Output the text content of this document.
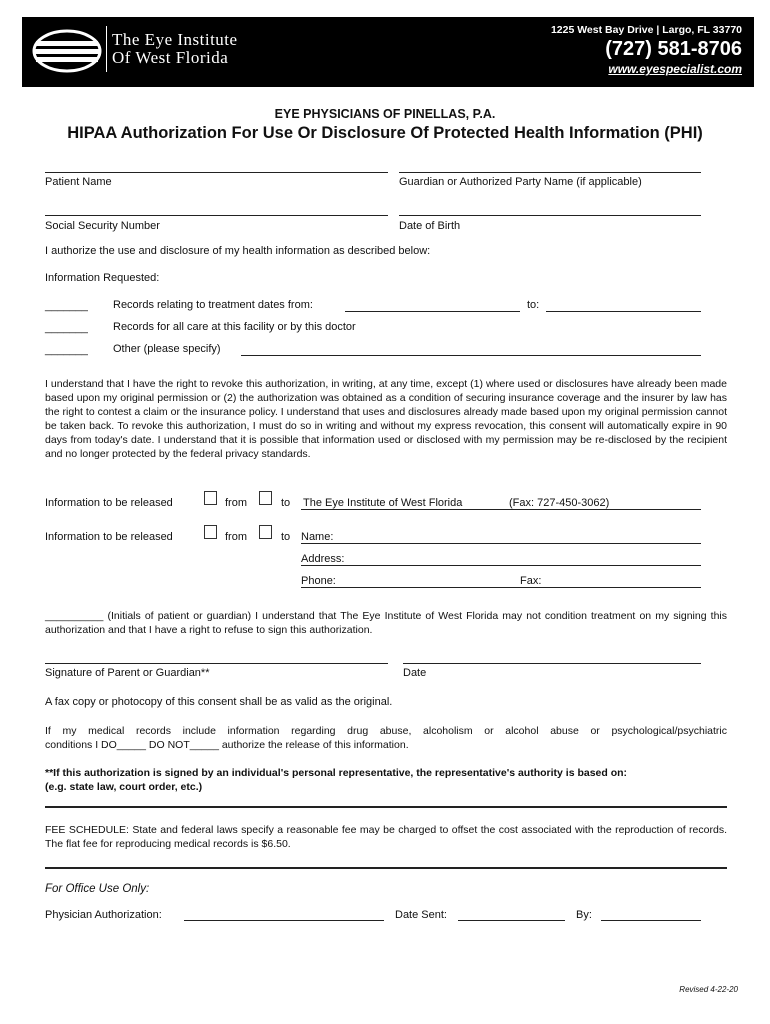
The Eye Institute
Of West Florida
1225 West Bay Drive | Largo, FL 33770
(727) 581-8706
www.eyespecialist.com
EYE PHYSICIANS OF PINELLAS, P.A.
HIPAA Authorization For Use Or Disclosure Of Protected Health Information (PHI)
Patient Name	Guardian or Authorized Party Name (if applicable)
Social Security Number	Date of Birth
I authorize the use and disclosure of my health information as described below:
Information Requested:
_______ Records relating to treatment dates from:	to:
_______ Records for all care at this facility or by this doctor
_______ Other (please specify)
I understand that I have the right to revoke this authorization, in writing, at any time, except (1) where used or disclosures have already been made based upon my original permission or (2) the authorization was obtained as a condition of securing insurance coverage and the insurer by law has the right to contest a claim or the insurance policy. I understand that uses and disclosures already made based upon my original permission cannot be taken back. To revoke this authorization, I must do so in writing and without my express revocation, this consent will automatically expire in 90 days from today's date. I understand that it is possible that information used or disclosed with my permission may be re-disclosed by the recipient and no longer protected by the federal privacy standards.
Information to be released	from	to The Eye Institute of West Florida	(Fax: 727-450-3062)
Information to be released	from	to Name:
Address:
Phone:	Fax:
__________ (Initials of patient or guardian) I understand that The Eye Institute of West Florida may not condition treatment on my signing this authorization and that I have a right to refuse to sign this authorization.
Signature of Parent or Guardian**	Date
A fax copy or photocopy of this consent shall be as valid as the original.
If my medical records include information regarding drug abuse, alcoholism or alcohol abuse or psychological/psychiatric
conditions I DO_____ DO NOT_____ authorize the release of this information.
**If this authorization is signed by an individual's personal representative, the representative's authority is based on:
(e.g. state law, court order, etc.)
FEE SCHEDULE: State and federal laws specify a reasonable fee may be charged to offset the cost associated with the reproduction of records. The flat fee for reproducing medical records is $6.50.
For Office Use Only:
Physician Authorization:	Date Sent:	By:
Revised 4-22-20
